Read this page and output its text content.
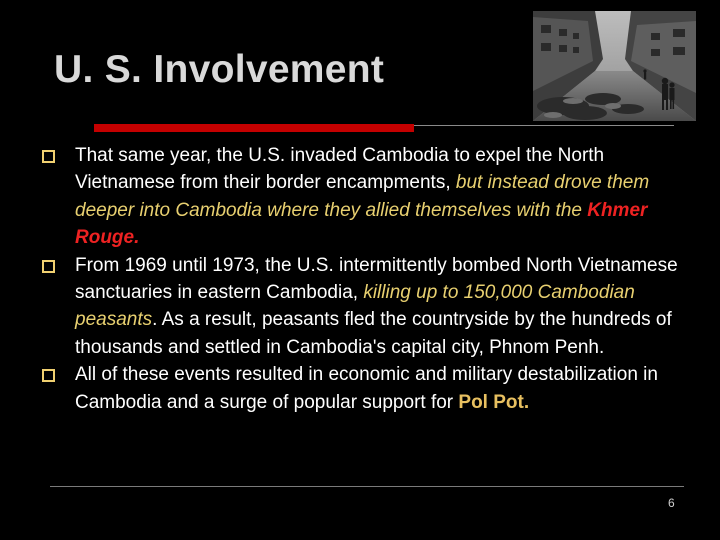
U. S. Involvement
That same year, the U.S. invaded Cambodia to expel the North Vietnamese from their border encampments, but instead drove them deeper into Cambodia where they allied themselves with the Khmer Rouge.
From 1969 until 1973, the U.S. intermittently bombed North Vietnamese sanctuaries in eastern Cambodia, killing up to 150,000 Cambodian peasants. As a result, peasants fled the countryside by the hundreds of thousands and settled in Cambodia's capital city, Phnom Penh.
All of these events resulted in economic and military destabilization in Cambodia and a surge of popular support for Pol Pot.
6
